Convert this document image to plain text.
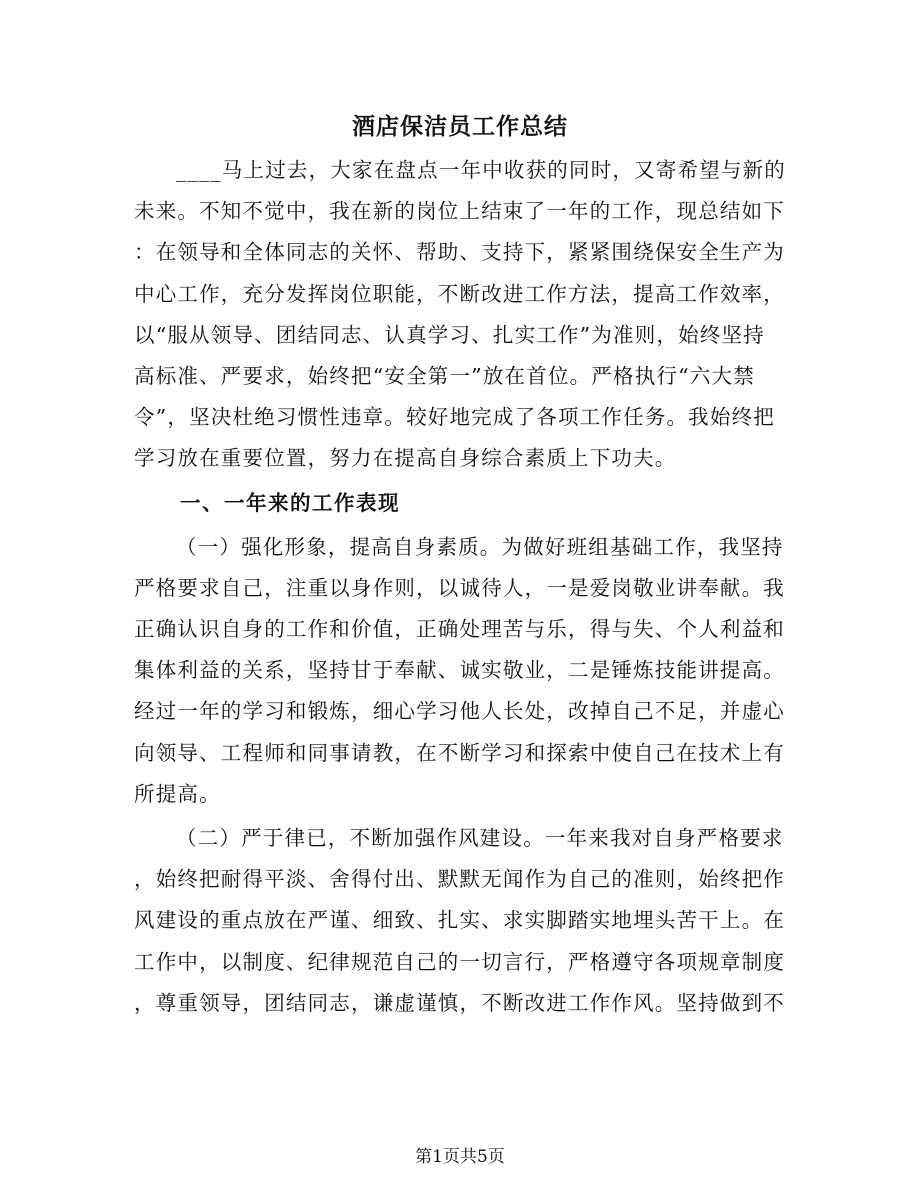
酒店保洁员工作总结
____马上过去，大家在盘点一年中收获的同时，又寄希望与新的
未来。不知不觉中，我在新的岗位上结束了一年的工作，现总结如下
：在领导和全体同志的关怀、帮助、支持下，紧紧围绕保安全生产为
中心工作，充分发挥岗位职能，不断改进工作方法，提高工作效率，
以“服从领导、团结同志、认真学习、扎实工作”为准则，始终坚持
高标准、严要求，始终把“安全第一”放在首位。严格执行“六大禁
令”，坚决杜绝习惯性违章。较好地完成了各项工作任务。我始终把
学习放在重要位置，努力在提高自身综合素质上下功夫。
一、一年来的工作表现
（一）强化形象，提高自身素质。为做好班组基础工作，我坚持
严格要求自己，注重以身作则，以诚待人，一是爱岗敬业讲奉献。我
正确认识自身的工作和价值，正确处理苦与乐，得与失、个人利益和
集体利益的关系，坚持甘于奉献、诚实敬业，二是锤炼技能讲提高。
经过一年的学习和锻炼，细心学习他人长处，改掉自己不足，并虚心
向领导、工程师和同事请教，在不断学习和探索中使自己在技术上有
所提高。
（二）严于律已，不断加强作风建设。一年来我对自身严格要求
，始终把耐得平淡、舍得付出、默默无闻作为自己的准则，始终把作
风建设的重点放在严谨、细致、扎实、求实脚踏实地埋头苦干上。在
工作中，以制度、纪律规范自己的一切言行，严格遵守各项规章制度
，尊重领导，团结同志，谦虚谨慎，不断改进工作作风。坚持做到不
第1页共5页
